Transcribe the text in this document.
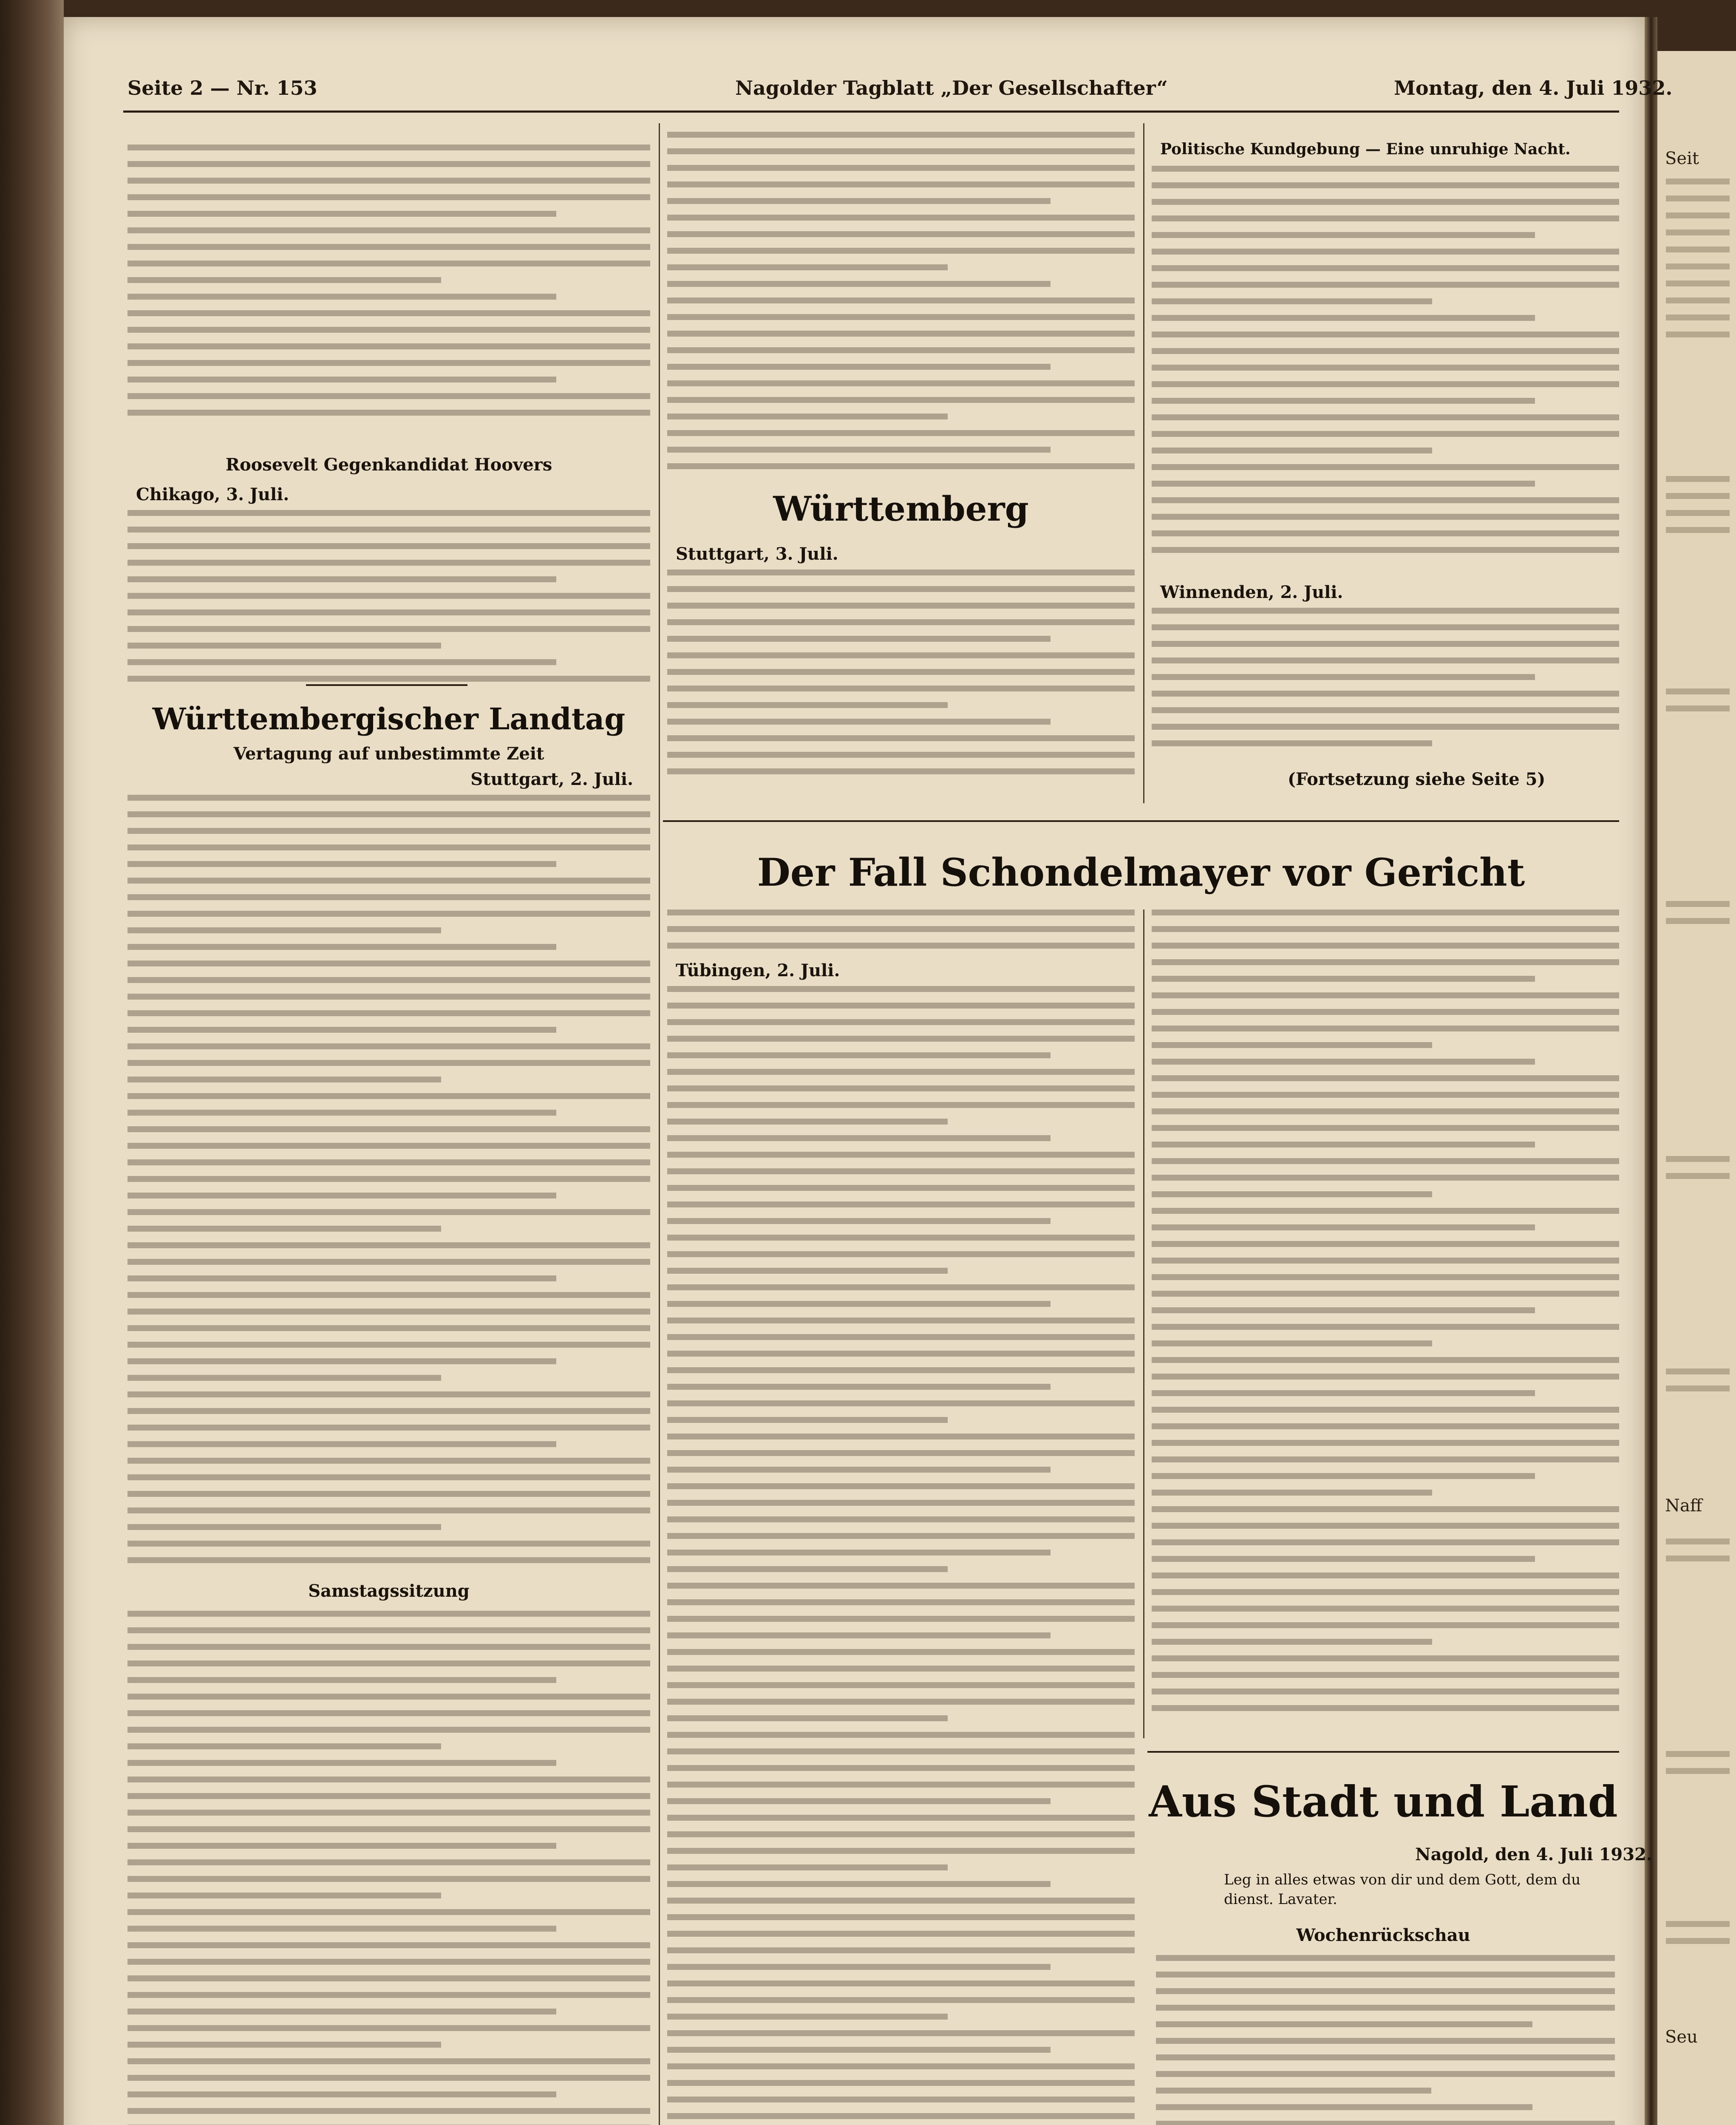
Seit
Naff
Seu
Seite 2 — Nr. 153	Nagolder Tagblatt „Der Gesellschafter“	Montag, den 4. Juli 1932.
Roosevelt Gegenkandidat Hoovers
Chikago, 3. Juli.
Württembergischer Landtag
Vertagung auf unbestimmte Zeit
Stuttgart, 2. Juli.
Samstagssitzung
Württemberg
Stuttgart, 3. Juli.
Politische Kundgebung — Eine unruhige Nacht.
Winnenden, 2. Juli.
(Fortsetzung siehe Seite 5)
Der Fall Schondelmayer vor Gericht
Tübingen, 2. Juli.
Aus Stadt und Land
Nagold, den 4. Juli 1932.
Leg in alles etwas von dir und dem Gott, dem du dienst. Lavater.
Wochenrückschau
